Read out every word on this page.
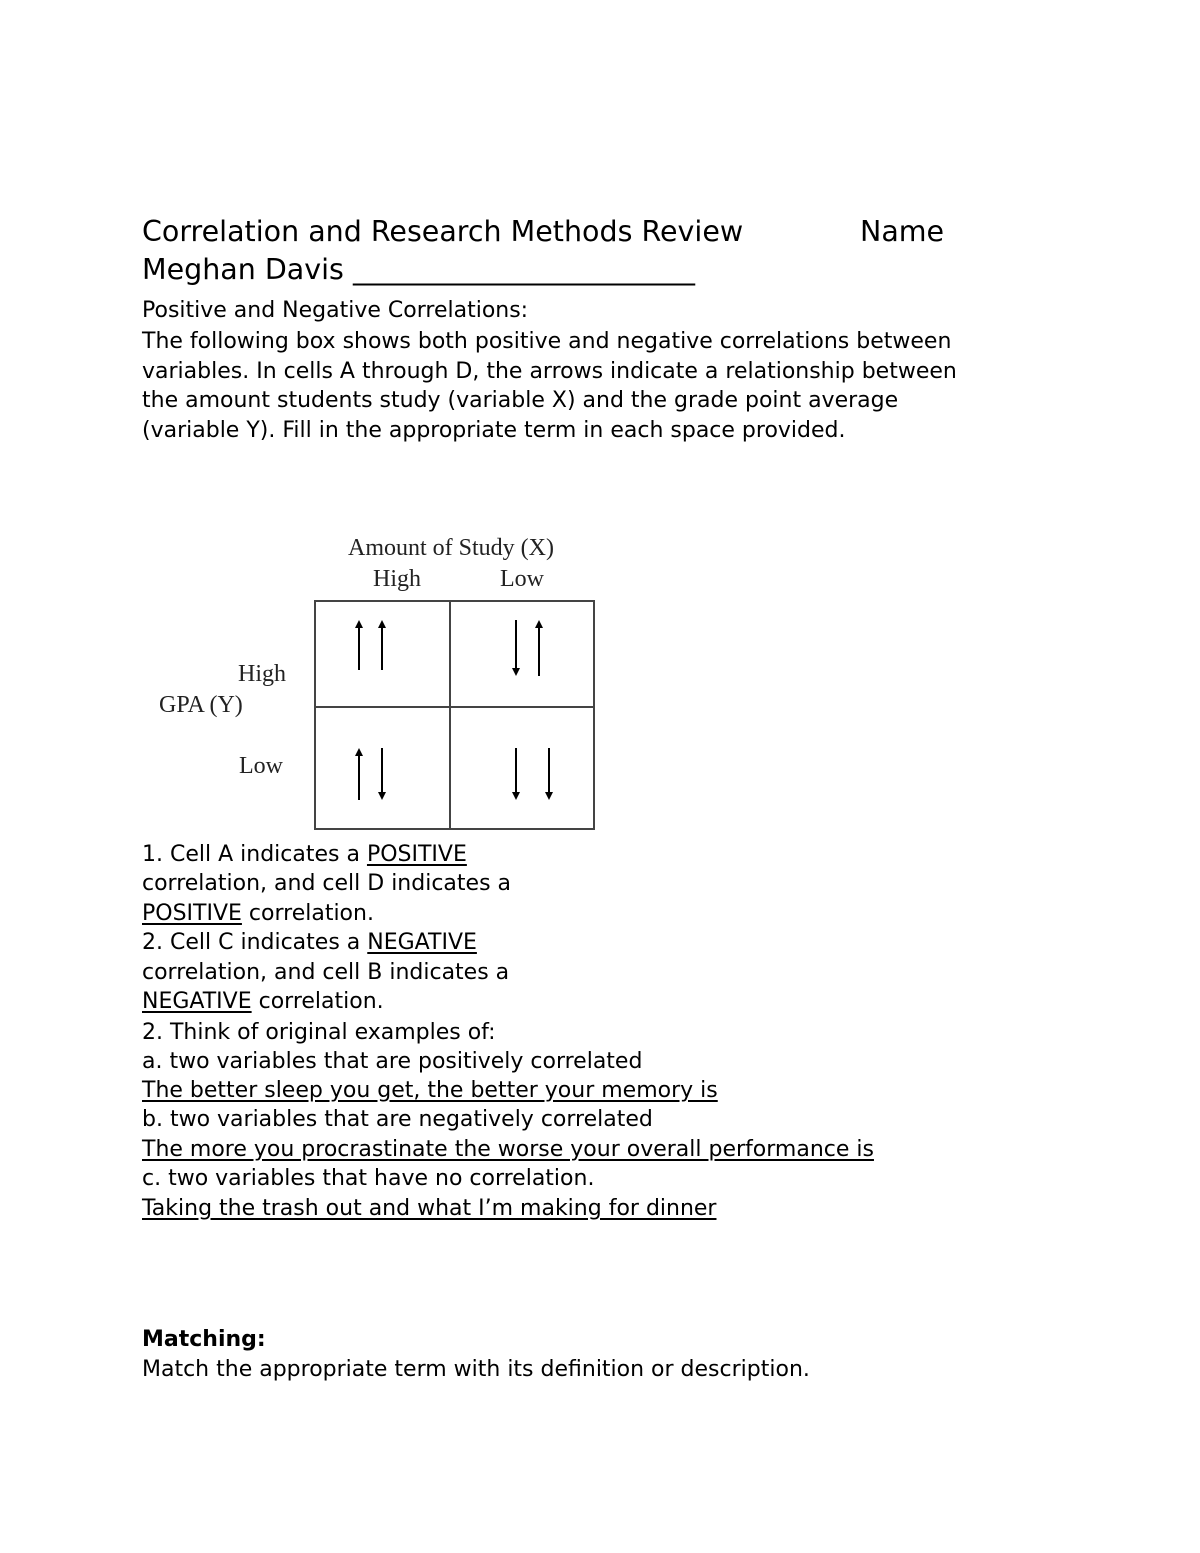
Correlation and Research Methods Review	Name
Meghan Davis ________________________
Positive and Negative Correlations:
The following box shows both positive and negative correlations between
variables. In cells A through D, the arrows indicate a relationship between
the amount students study (variable X) and the grade point average
(variable Y). Fill in the appropriate term in each space provided.
Amount of Study (X)
High	Low
High
GPA (Y)
Low
1. Cell A indicates a POSITIVE
correlation, and cell D indicates a
POSITIVE correlation.
2. Cell C indicates a NEGATIVE
correlation, and cell B indicates a
NEGATIVE correlation.
2. Think of original examples of:
a. two variables that are positively correlated
The better sleep you get, the better your memory is
b. two variables that are negatively correlated
The more you procrastinate the worse your overall performance is
c. two variables that have no correlation.
Taking the trash out and what I’m making for dinner
Matching:
Match the appropriate term with its definition or description.
